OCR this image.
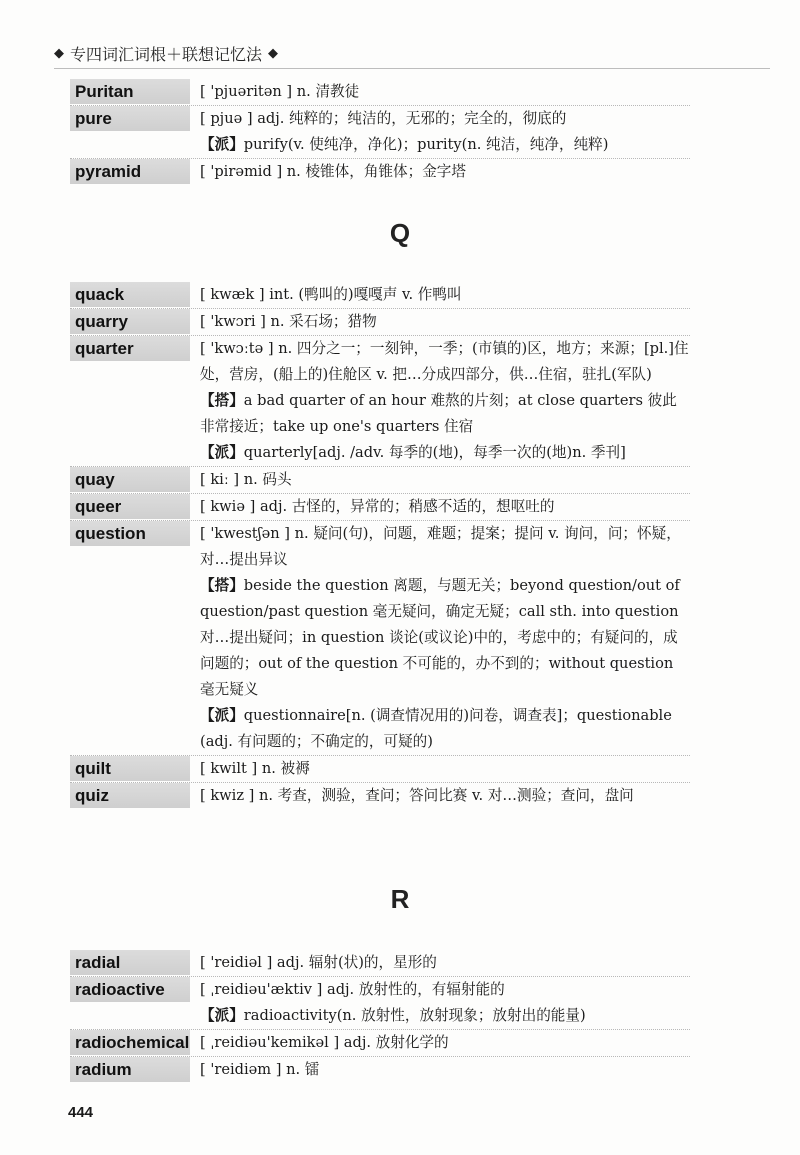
◆ 专四词汇词根＋联想记忆法 ◆
Puritan	[ 'pjuəritən ] n. 清教徒

pure	[ pjuə ] adj. 纯粹的；纯洁的，无邪的；完全的，彻底的

【派】purify(v. 使纯净，净化)；purity(n. 纯洁，纯净，纯粹)

pyramid	[ 'pirəmid ] n. 棱锥体，角锥体；金字塔

Q
quack	[ kwæk ] int. (鸭叫的)嘎嘎声 v. 作鸭叫

quarry	[ 'kwɔri ] n. 采石场；猎物

quarter	[ 'kwɔːtə ] n. 四分之一；一刻钟，一季；(市镇的)区，地方；来源；[pl.]住处，营房，(船上的)住舱区 v. 把…分成四部分，供…住宿，驻扎(军队)

【搭】a bad quarter of an hour 难熬的片刻；at close quarters 彼此非常接近；take up one's quarters 住宿

【派】quarterly[adj. /adv. 每季的(地)，每季一次的(地)n. 季刊]

quay	[ kiː ] n. 码头

queer	[ kwiə ] adj. 古怪的，异常的；稍感不适的，想呕吐的

question	[ 'kwestʃən ] n. 疑问(句)，问题，难题；提案；提问 v. 询问，问；怀疑，对…提出异议

【搭】beside the question 离题，与题无关；beyond question/out of question/past question 毫无疑问，确定无疑；call sth. into question 对…提出疑问；in question 谈论(或议论)中的，考虑中的；有疑问的，成问题的；out of the question 不可能的，办不到的；without question 毫无疑义

【派】questionnaire[n. (调查情况用的)问卷，调查表]；questionable (adj. 有问题的；不确定的，可疑的)

quilt	[ kwilt ] n. 被褥

quiz	[ kwiz ] n. 考查，测验，查问；答问比赛 v. 对…测验；查问，盘问

R
radial	[ 'reidiəl ] adj. 辐射(状)的，星形的

radioactive	[ ˌreidiəu'æktiv ] adj. 放射性的，有辐射能的

【派】radioactivity(n. 放射性，放射现象；放射出的能量)

radiochemical [ ˌreidiəu'kemikəl ] adj. 放射化学的

radium	[ 'reidiəm ] n. 镭

444
